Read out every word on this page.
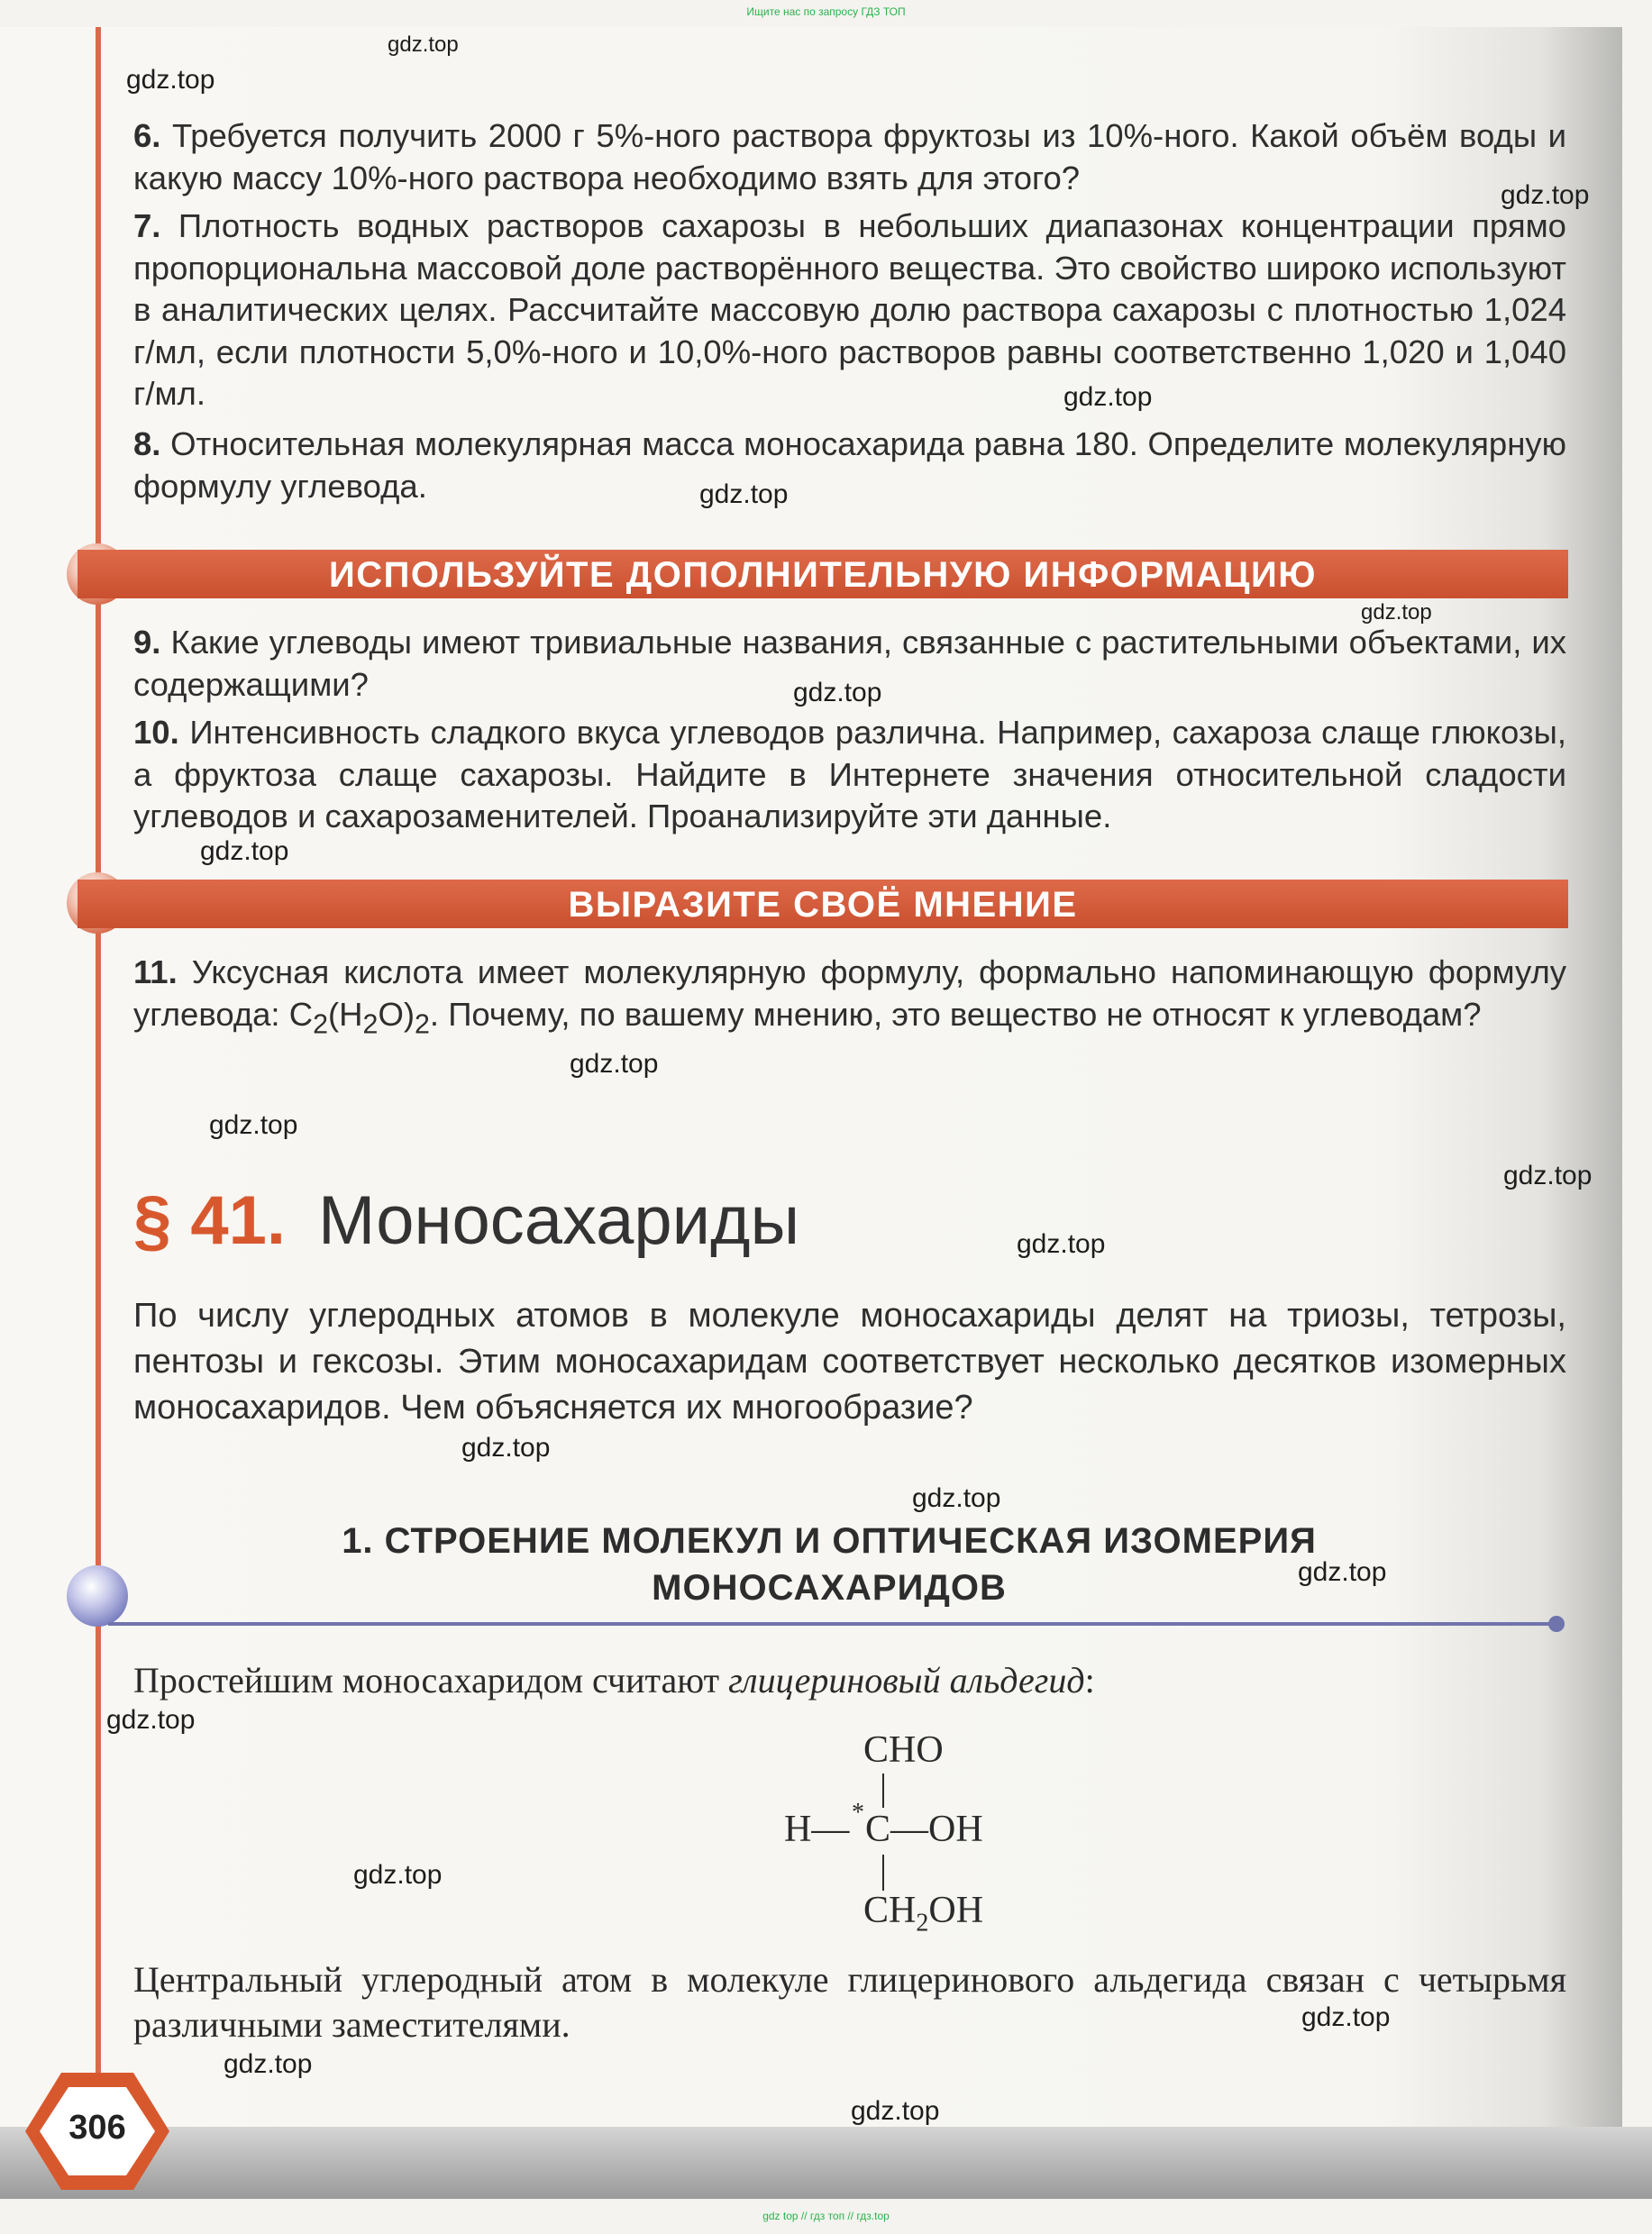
Ищите нас по запросу ГДЗ ТОП
6. Требуется получить 2000 г 5%-ного раствора фруктозы из 10%-ного. Какой объём воды и какую массу 10%-ного раствора необходимо взять для этого?
7. Плотность водных растворов сахарозы в небольших диапазонах концентрации прямо пропорциональна массовой доле растворённого вещества. Это свойство широко используют в аналитических целях. Рассчитайте массовую долю раствора сахарозы с плотностью 1,024 г/мл, если плотности 5,0%-ного и 10,0%-ного растворов равны соответственно 1,020 и 1,040 г/мл.
8. Относительная молекулярная масса моносахарида равна 180. Определите молекулярную формулу углевода.
ИСПОЛЬЗУЙТЕ ДОПОЛНИТЕЛЬНУЮ ИНФОРМАЦИЮ
9. Какие углеводы имеют тривиальные названия, связанные с растительными объектами, их содержащими?
10. Интенсивность сладкого вкуса углеводов различна. Например, сахароза слаще глюкозы, а фруктоза слаще сахарозы. Найдите в Интернете значения относительной сладости углеводов и сахарозаменителей. Проанализируйте эти данные.
ВЫРАЗИТЕ СВОЁ МНЕНИЕ
11. Уксусная кислота имеет молекулярную формулу, формально напоминающую формулу углевода: $C_2(H_2O)_2$. Почему, по вашему мнению, это вещество не относят к углеводам?
§ 41. Моносахариды
По числу углеродных атомов в молекуле моносахариды делят на триозы, тетрозы, пентозы и гексозы. Этим моносахаридам соответствует несколько десятков изомерных моносахаридов. Чем объясняется их многообразие?
1. СТРОЕНИЕ МОЛЕКУЛ И ОПТИЧЕСКАЯ ИЗОМЕРИЯ
МОНОСАХАРИДОВ
Простейшим моносахаридом считают глицериновый альдегид:
CHO
H— * C—OH
$CH_2OH$
Центральный углеродный атом в молекуле глицеринового альдегида связан с четырьмя различными заместителями.
306
gdz.top
gdz.top
gdz.top
gdz.top
gdz.top
gdz.top
gdz.top
gdz.top
gdz.top
gdz.top
gdz.top
gdz.top
gdz.top
gdz.top
gdz.top
gdz.top
gdz.top
gdz.top
gdz.top
gdz.top
gdz top // гдз топ // гдз.top
